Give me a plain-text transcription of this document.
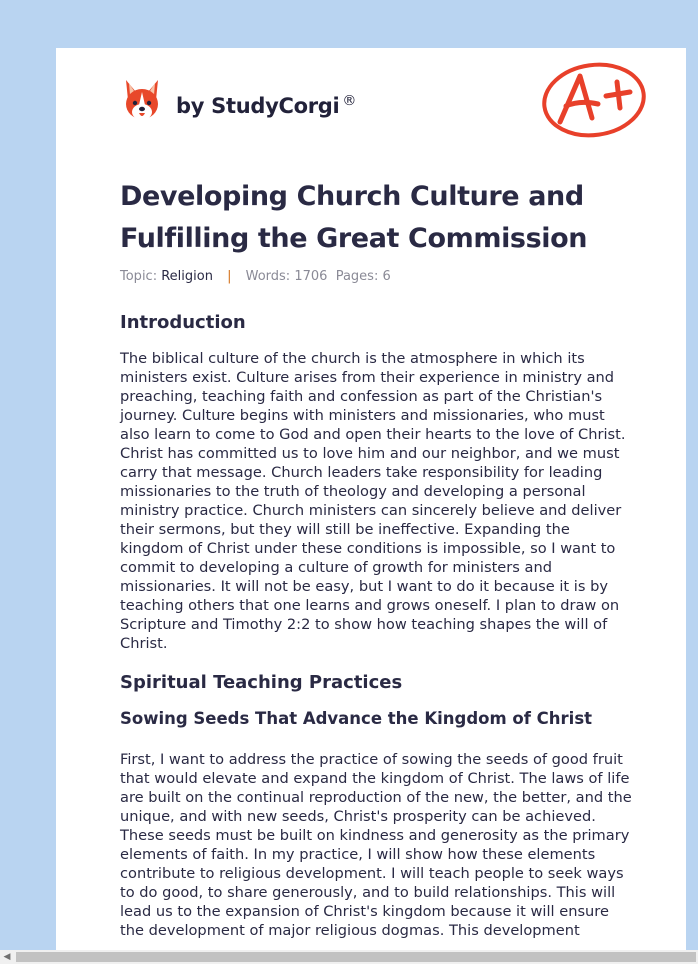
by StudyCorgi ®
Developing Church Culture and Fulfilling the Great Commission
Topic: Religion | Words: 1706 Pages: 6
Introduction

The biblical culture of the church is the atmosphere in which its ministers exist. Culture arises from their experience in ministry and preaching, teaching faith and confession as part of the Christian's journey. Culture begins with ministers and missionaries, who must also learn to come to God and open their hearts to the love of Christ. Christ has committed us to love him and our neighbor, and we must carry that message. Church leaders take responsibility for leading missionaries to the truth of theology and developing a personal ministry practice. Church ministers can sincerely believe and deliver their sermons, but they will still be ineffective. Expanding the kingdom of Christ under these conditions is impossible, so I want to commit to developing a culture of growth for ministers and missionaries. It will not be easy, but I want to do it because it is by teaching others that one learns and grows oneself. I plan to draw on Scripture and Timothy 2:2 to show how teaching shapes the will of Christ.

Spiritual Teaching Practices
Sowing Seeds That Advance the Kingdom of Christ

First, I want to address the practice of sowing the seeds of good fruit that would elevate and expand the kingdom of Christ. The laws of life are built on the continual reproduction of the new, the better, and the unique, and with new seeds, Christ's prosperity can be achieved. These seeds must be built on kindness and generosity as the primary elements of faith. In my practice, I will show how these elements contribute to religious development. I will teach people to seek ways to do good, to share generously, and to build relationships. This will lead us to the expansion of Christ's kingdom because it will ensure the development of major religious dogmas. This development

◀
